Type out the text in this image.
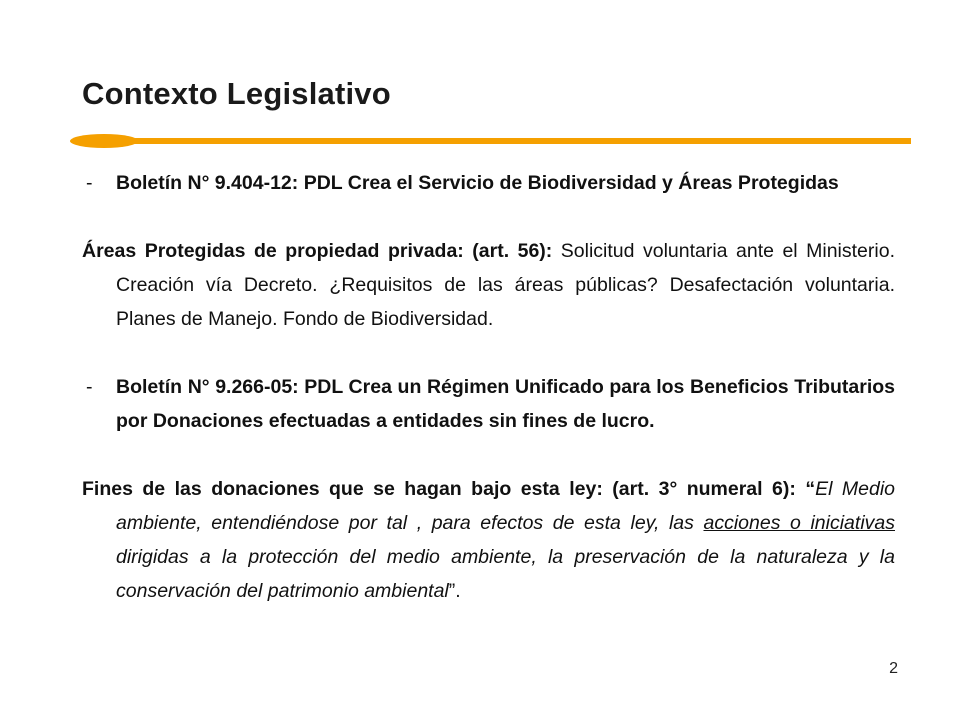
Contexto Legislativo

- Boletín N° 9.404-12: PDL Crea el Servicio de Biodiversidad y Áreas Protegidas

Áreas Protegidas de propiedad privada: (art. 56): Solicitud voluntaria ante el Ministerio. Creación vía Decreto. ¿Requisitos de las áreas públicas? Desafectación voluntaria. Planes de Manejo. Fondo de Biodiversidad.

- Boletín N° 9.266-05: PDL Crea un Régimen Unificado para los Beneficios Tributarios por Donaciones efectuadas a entidades sin fines de lucro.

Fines de las donaciones que se hagan bajo esta ley: (art. 3° numeral 6): “El Medio ambiente, entendiéndose por tal , para efectos de esta ley, las acciones o iniciativas dirigidas a la protección del medio ambiente, la preservación de la naturaleza y la conservación del patrimonio ambiental”.

2
